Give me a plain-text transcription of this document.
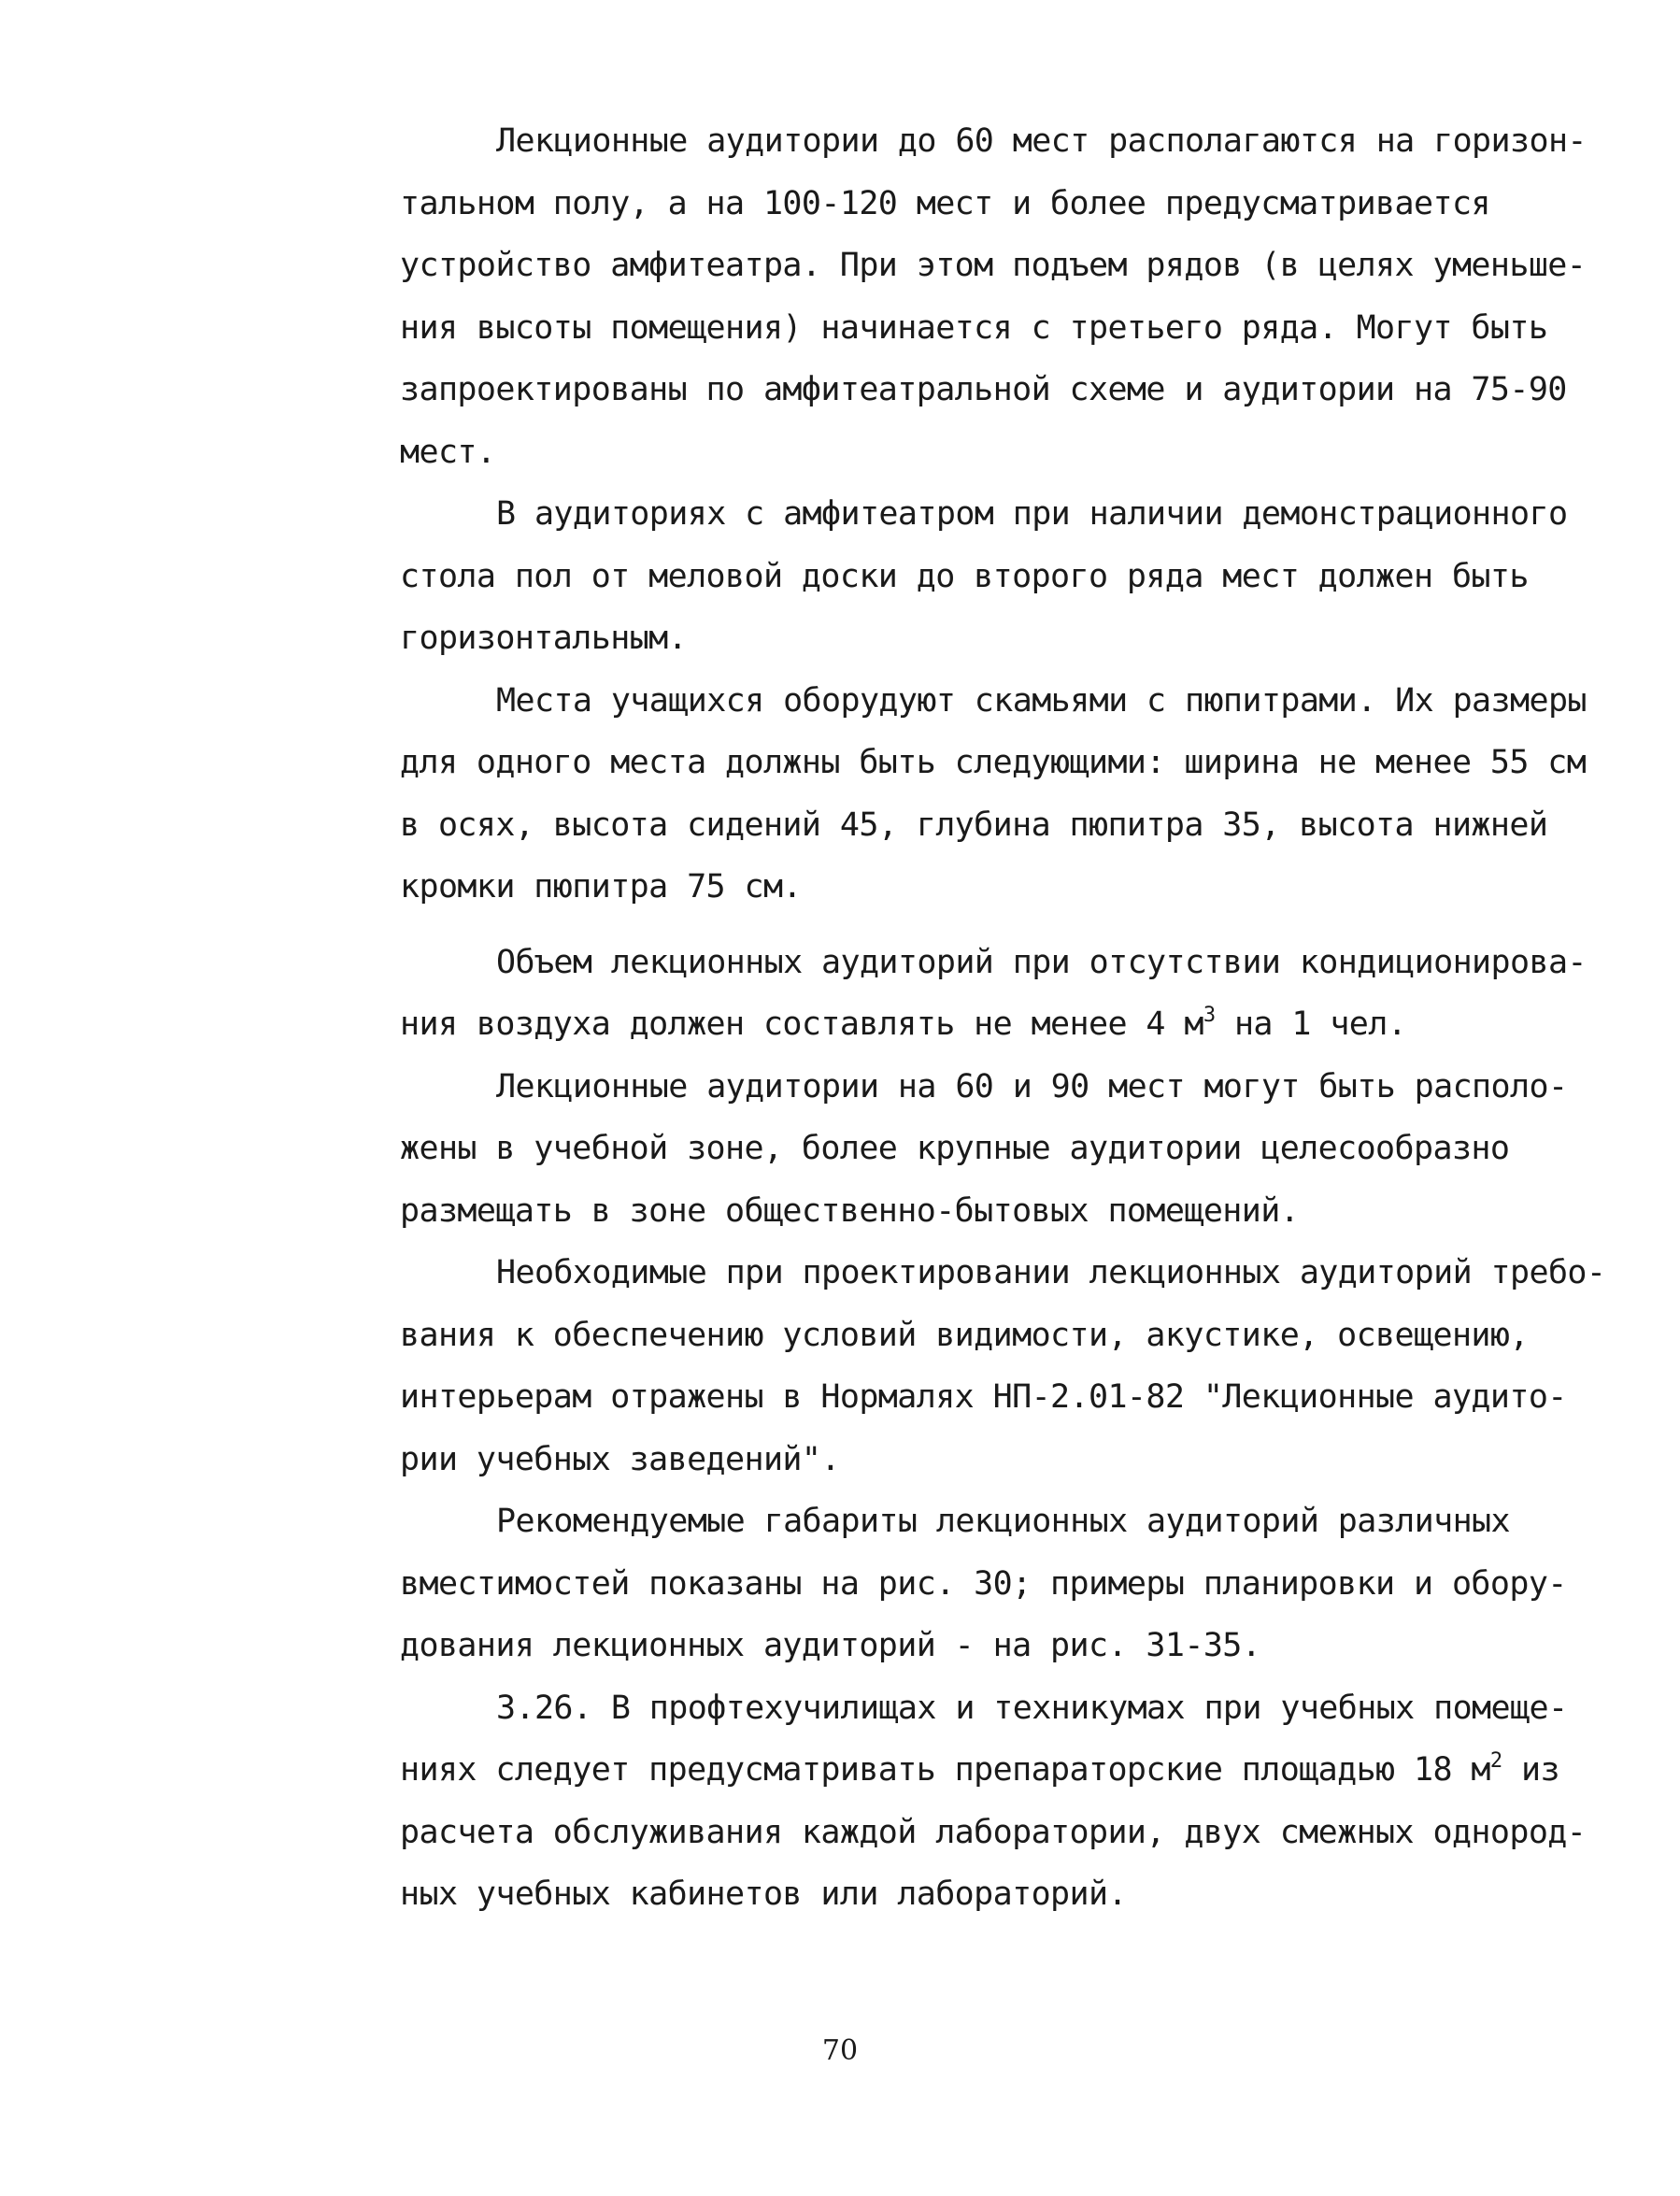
Лекционные аудитории до 60 мест располагаются на горизон-
тальном полу, а на 100-120 мест и более предусматривается
устройство амфитеатра. При этом подъем рядов (в целях уменьше-
ния высоты помещения) начинается с третьего ряда. Могут быть
запроектированы по амфитеатральной схеме и аудитории на 75-90
мест.
В аудиториях с амфитеатром при наличии демонстрационного
стола пол от меловой доски до второго ряда мест должен быть
горизонтальным.
Места учащихся оборудуют скамьями с пюпитрами. Их размеры
для одного места должны быть следующими: ширина не менее 55 см
в осях, высота сидений 45, глубина пюпитра 35, высота нижней
кромки пюпитра 75 см.
Объем лекционных аудиторий при отсутствии кондиционирова-
ния воздуха должен составлять не менее 4 $м^3$ на 1 чел.
Лекционные аудитории на 60 и 90 мест могут быть располо-
жены в учебной зоне, более крупные аудитории целесообразно
размещать в зоне общественно-бытовых помещений.
Необходимые при проектировании лекционных аудиторий требо-
вания к обеспечению условий видимости, акустике, освещению,
интерьерам отражены в Нормалях НП-2.01-82 "Лекционные аудито-
рии учебных заведений".
Рекомендуемые габариты лекционных аудиторий различных
вместимостей показаны на рис. 30; примеры планировки и обору-
дования лекционных аудиторий - на рис. 31-35.
3.26. В профтехучилищах и техникумах при учебных помеще-
ниях следует предусматривать препараторские площадью 18 $м^2$ из
расчета обслуживания каждой лаборатории, двух смежных однород-
ных учебных кабинетов или лабораторий.
70
